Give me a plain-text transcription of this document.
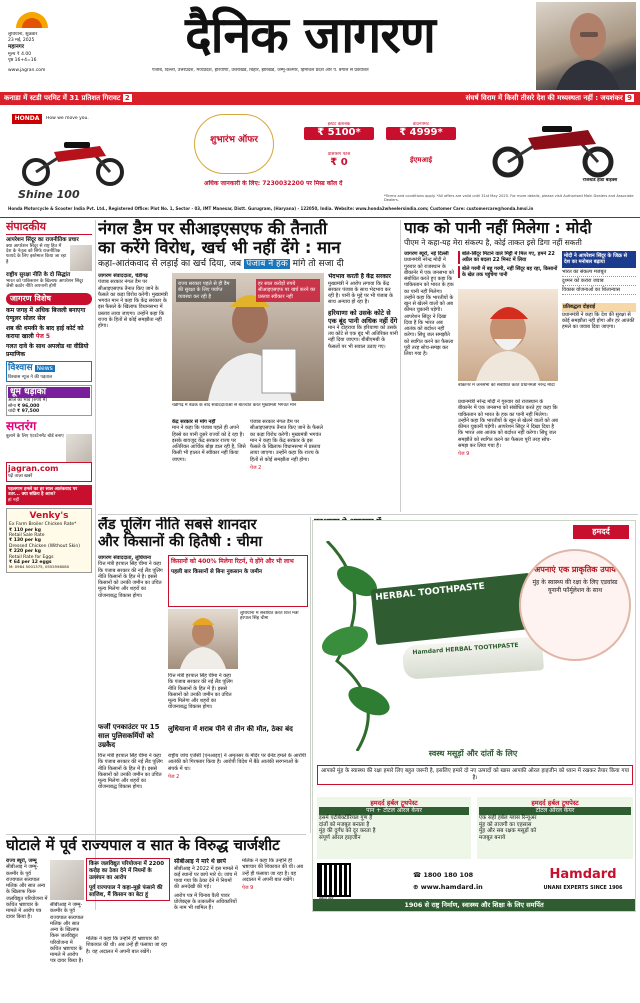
लुधियाना, शुक्रवार
23 मई, 2025
महानगर
मूल्य ₹ 4.00
पृष्ठ 16+4=16
www.jagran.com
दैनिक जागरण
पंजाब, दिल्ली, उत्तरप्रदेश, मध्यप्रदेश, हरियाणा, उत्तराखंड, बिहार, झारखंड, जम्मू-कश्मीर, हिमाचल प्रदेश और प. बंगाल से प्रकाशित
कनाडा में स्टडी परमिट में 31 प्रतिशत गिरावट 2	संघर्ष विराम में किसी तीसरे देश की मध्यस्थता नहीं : जयशंकर 9
HONDA	How we move you.
Shine 100
शुभारंभ ऑफर
इंस्टेंट कैशबैक
₹ 5100*
डाउनपेमेंट
₹ 4999*
प्रोसेसिंग फीस
₹ 0	ईएमआई
रजिस्टर्ड होंडा बाइक्स
अधिक जानकारी के लिए: 7230032200 पर मिस्ड कॉल दें
*Terms and conditions apply. *All offers are valid until 31st May 2025. For more details, please visit Authorised Main Dealers and Associate Dealers.
Honda Motorcycle & Scooter India Pvt. Ltd., Registered Office: Plot No. 1, Sector - 03, IMT Manesar, Distt. Gurugram, (Haryana) - 122050, India. Website: www.honda2wheelersindia.com; Customer Care: customercare@honda.hmsi.in
संपादकीय
आपरेशन सिंदूर का राजनीतिक प्रचार
क्या आपरेशन सिंदूर से राष्ट्र हित में देश के नेतृत्व को सिर्फ राजनीतिक फायदे के लिए इस्तेमाल किया जा रहा है
राष्ट्रीय सुरक्षा नीति के दो सिद्धांत
भारत को पाकिस्तान के खिलाफ आपरेशन सिंदूर जैसी कठोर नीति अपनानी होगी
जागरण विशेष
कम जगह में अधिक बिजली बनाएगा एंग्युलर सोलर सेल
शब की धमकी के बाद हाई कोर्ट को कराया खाली पेज 5
गलत दावे के साथ अपलोड था वीडियो प्रमाणिक
विश्वास News
विश्वास न्यूज ने की पड़ताल
धूम धड़ाका
आज का भाव (रुपये में)
सोना ₹ 96,000
चांदी ₹ 97,500
सप्तरंग
बुलाने के लिए एंटरटेनमेंट बोर्ड बनाए
jagran.com
पढ़ें ताज़ा खबरें
पहलगाम हमले का हर साल आतंकवाद पर उतर... क्या सक्रिय है आज?
हां नहीं
Venky's
Ex Farm Broiler Chicken Rate*
₹ 110 per kg
Retail Sale Rate
₹ 130 per kg
Dressed Chicken (Without Skin)
₹ 220 per kg
Retail Rate for Eggs
₹ 64 per 12 eggs
M: 0984 5001375, 0555598080
नंगल डैम पर सीआइएसएफ की तैनाती
का करेंगे विरोध, खर्च भी नहीं देंगे : मान
कहा-आतंकवाद से लड़ाई का खर्च दिया, जब पंजाब ने हक मांगे तो सजा दी
जागरण संवाददाता, चंडीगढ़

पंजाब सरकार नंगल डैम पर सीआइएसएफ तैनात किए जाने के फैसले का कड़ा विरोध करेगी। मुख्यमंत्री भगवंत मान ने कहा कि केंद्र सरकार के इस फैसले के खिलाफ विधानसभा में प्रस्ताव लाया जाएगा। उन्होंने कहा कि राज्य के हितों से कोई समझौता नहीं होगा।

राज्य सरकार पहले से ही डैम की सुरक्षा के लिए पर्याप्त व्यवस्था कर रही है
हर साल करोड़ों रुपये सीआइएसएफ पर खर्च करने का प्रस्ताव स्वीकार नहीं
चंडीगढ़ में बैठक के बाद संवाददाताओं से बातचीत करते मुख्यमंत्री भगवंत मान
केंद्र सरकार से मांग नहीं

मान ने कहा कि पंजाब पहले ही अपने हिस्से का पानी दूसरे राज्यों को दे रहा है। इसके बावजूद केंद्र सरकार राज्य पर अतिरिक्त आर्थिक बोझ डाल रही है, जिसे किसी भी हालत में स्वीकार नहीं किया जाएगा।

पंजाब सरकार नंगल डैम पर सीआइएसएफ तैनात किए जाने के फैसले का कड़ा विरोध करेगी। मुख्यमंत्री भगवंत मान ने कहा कि केंद्र सरकार के इस फैसले के खिलाफ विधानसभा में प्रस्ताव लाया जाएगा। उन्होंने कहा कि राज्य के हितों से कोई समझौता नहीं होगा।

पेज 2
भेदभाव करती है केंद्र सरकार

मुख्यमंत्री ने आरोप लगाया कि केंद्र सरकार पंजाब के साथ भेदभाव कर रही है। पानी के मुद्दे पर भी पंजाब के साथ अन्याय हो रहा है।

हरियाणा को उसके कोटे से एक बूंद पानी अधिक नहीं देंगे

मान ने दोहराया कि हरियाणा को उसके तय कोटे से एक बूंद भी अतिरिक्त पानी नहीं दिया जाएगा। बीबीएमबी के फैसलों पर भी सवाल उठाए गए।

पाक को पानी नहीं मिलेगा : मोदी
पीएम ने कहा-यह मेरा संकल्प है, कोई ताकत इसे डिगा नहीं सकती
जागरण ब्यूरो, नई दिल्ली

प्रधानमंत्री नरेन्द्र मोदी ने गुरुवार को राजस्थान के बीकानेर में एक जनसभा को संबोधित करते हुए कहा कि पाकिस्तान को भारत के हक का पानी नहीं मिलेगा। उन्होंने कहा कि भारतीयों के खून से खेलने वालों को अब कीमत चुकानी पड़ेगी। आपरेशन सिंदूर ने दिखा दिया है कि भारत अब आतंक को बर्दाश्त नहीं करेगा। सिंधु जल समझौते को स्थगित करने का फैसला पूरी तरह सोच-समझ कर लिया गया है।

बोले-सिंदूर मिटाने वाले मिट्टी में मिल गए, हमने 22 अप्रैल का बदला 22 मिनट में लिया
बोले गरमी में बहू गरमी, नहीं सिंदूर बह रहा, किसानों के खेत तक पहुंचेगा पानी
बीकानेर में जनसभा को संबोधित करते प्रधानमंत्री नरेन्द्र मोदी

प्रधानमंत्री नरेन्द्र मोदी ने गुरुवार को राजस्थान के बीकानेर में एक जनसभा को संबोधित करते हुए कहा कि पाकिस्तान को भारत के हक का पानी नहीं मिलेगा। उन्होंने कहा कि भारतीयों के खून से खेलने वालों को अब कीमत चुकानी पड़ेगी। आपरेशन सिंदूर ने दिखा दिया है कि भारत अब आतंक को बर्दाश्त नहीं करेगा। सिंधु जल समझौते को स्थगित करने का फैसला पूरी तरह सोच-समझ कर लिया गया है।

पेज 9
मोदी ने आपरेशन सिंदूर के जिक्र से देश का मनोबल बढ़ाया
भारत का संकल्प मजबूत
दुश्मन को करारा जवाब
विकास योजनाओं का शिलान्यास
प्रतिबद्धता दोहराई
प्रधानमंत्री ने कहा कि देश की सुरक्षा से कोई समझौता नहीं होगा और हर आतंकी हमले का जवाब दिया जाएगा।
लैंड पूलिंग नीति सबसे शानदार
और किसानों की हितैषी : चीमा
जागरण संवाददाता, लुधियाना

वित्त मंत्री हरपाल सिंह चीमा ने कहा कि पंजाब सरकार की नई लैंड पूलिंग नीति किसानों के हित में है। इससे किसानों को उनकी जमीन का उचित मूल्य मिलेगा और शहरों का योजनाबद्ध विकास होगा।

किसानों को 400% मिलेगा रिटर्न, ये होंगे और भी लाभ
पहली बार किसानों से बिना नुकसान के जमीन
लुधियाना में संबोधित करते वित्त मंत्री हरपाल सिंह चीमा

वित्त मंत्री हरपाल सिंह चीमा ने कहा कि पंजाब सरकार की नई लैंड पूलिंग नीति किसानों के हित में है। इससे किसानों को उनकी जमीन का उचित मूल्य मिलेगा और शहरों का योजनाबद्ध विकास होगा।

फर्जी एनकाउंटर पर 15 साल पुलिसकर्मियों को उम्रकैद
लुधियाना में शराब पीने से तीन की मौत, ठेका बंद

वित्त मंत्री हरपाल सिंह चीमा ने कहा कि पंजाब सरकार की नई लैंड पूलिंग नीति किसानों के हित में है। इससे किसानों को उनकी जमीन का उचित मूल्य मिलेगा और शहरों का योजनाबद्ध विकास होगा।

राष्ट्रीय जांच एजेंसी (एनआइए) ने अमृतसर के मंदिर पर ग्रेनेड हमले के आरोपी आतंकी को गिरफ्तार किया है। आरोपी विदेश में बैठे आतंकी सरगनाओं के संपर्क में था।

पेज 2

हमदर्द
HERBAL TOOTHPASTE
Hamdard HERBAL TOOTHPASTE
अपनाएं एक प्राकृतिक उपाय
मुंह के स्वास्थ्य की रक्षा के लिए एडवांस्ड यूनानी फॉर्मूलेशन के साथ
स्वस्थ मसूड़ों और दांतों के लिए
आपको मुंह के स्वास्थ्य की रक्षा हमारे लिए बहुत जरूरी है, इसलिए हमारे दो नए उत्पादों को खास आपकी ओरल हाइजीन को ध्यान में रखकर तैयार किया गया है।
हमदर्द हर्बल टूथपेस्ट
पान + टोटल ओरल केयर
इसमें एंटीबैक्टीरियल गुण हैं
दांतों को मजबूत बनाता है
मुंह की दुर्गंध को दूर करता है
संपूर्ण ओरल हाइजीन
हमदर्द हर्बल टूथपेस्ट
टोटल ओरल केयर
एक सही हर्बल ग्लास रिन्यूअर
मुंह को ताजगी का एहसास
मुंह और सब रक्षक मसूड़ों को
मजबूत बनाये
☎ 1800 180 108
⊕ www.hamdard.in
Hamdard
UNANI EXPERTS SINCE 1906
1906 से राष्ट्र निर्माण, स्वास्थ्य और शिक्षा के लिए समर्पित
घोटाले में पूर्व राज्यपाल व सात के विरुद्ध चार्जशीट
राज्य ब्यूरो, जम्मू

सीबीआइ ने जम्मू-कश्मीर के पूर्व राज्यपाल सत्यपाल मलिक और सात अन्य के खिलाफ किरू जलविद्युत परियोजना में कथित भ्रष्टाचार के मामले में आरोप पत्र दायर किया है।

सीबीआइ ने जम्मू-कश्मीर के पूर्व राज्यपाल सत्यपाल मलिक और सात अन्य के खिलाफ किरू जलविद्युत परियोजना में कथित भ्रष्टाचार के मामले में आरोप पत्र दायर किया है।

किरू जलविद्युत परियोजना में 2200 करोड़ का ठेका देने में नियमों के उल्लंघन का आरोप
पूर्व राज्यपाल ने कहा-मुझे फंसाने की साजिश, मैं किसान का बेटा हूं

मलिक ने कहा कि उन्होंने ही भ्रष्टाचार की शिकायत की थी। अब उन्हें ही फंसाया जा रहा है। वह अदालत में अपनी बात रखेंगे।

सीबीआइ ने मारे थे छापे

सीबीआइ ने 2022 में इस मामले में कई स्थानों पर छापे मारे थे। जांच में पाया गया कि ठेका देने में नियमों की अनदेखी की गई।

आरोप पत्र में चिनाब वैली पावर प्रोजेक्ट्स के तत्कालीन अधिकारियों के नाम भी शामिल हैं।

मलिक ने कहा कि उन्होंने ही भ्रष्टाचार की शिकायत की थी। अब उन्हें ही फंसाया जा रहा है। वह अदालत में अपनी बात रखेंगे।

पेज 9
